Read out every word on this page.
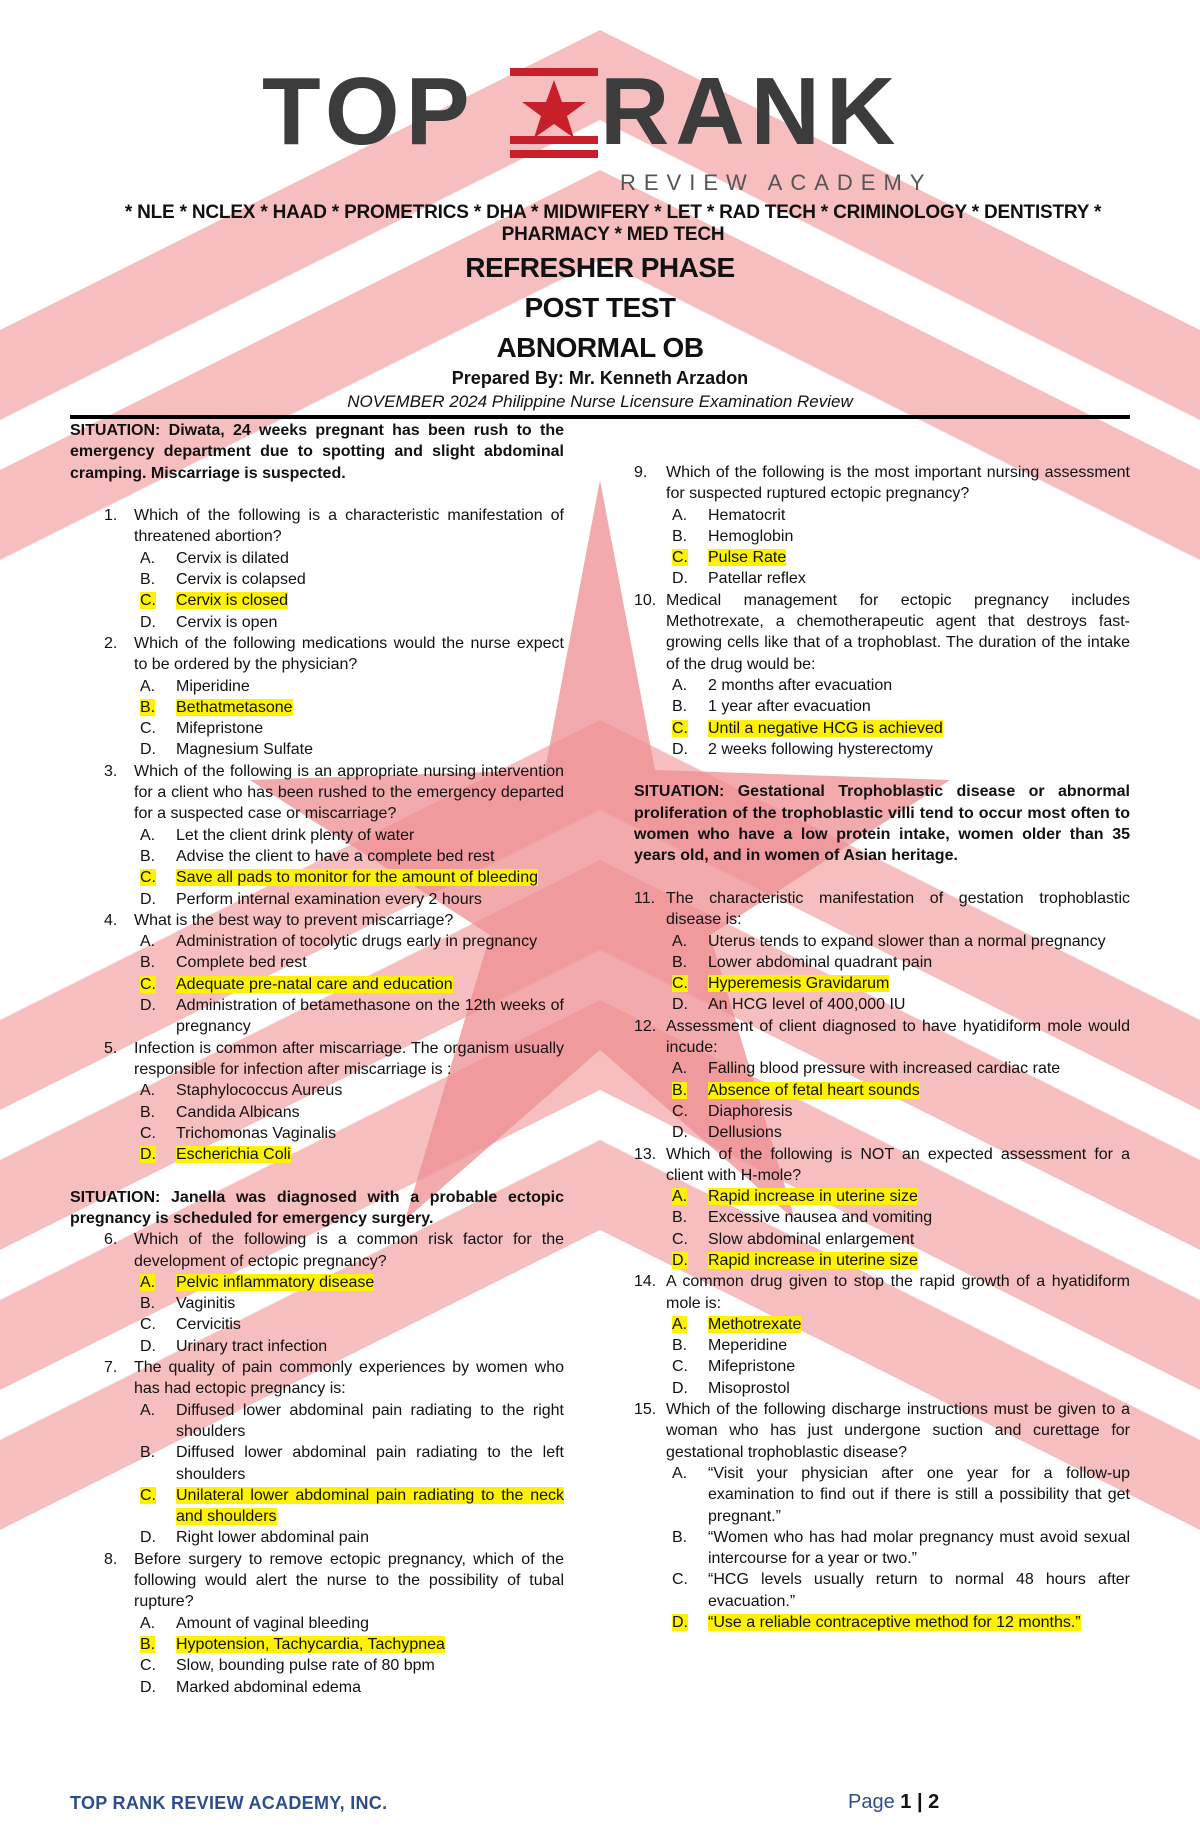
TOP RANK
REVIEW ACADEMY
* NLE * NCLEX * HAAD * PROMETRICS * DHA * MIDWIFERY * LET * RAD TECH * CRIMINOLOGY * DENTISTRY * PHARMACY * MED TECH
REFRESHER PHASE
POST TEST
ABNORMAL OB
Prepared By: Mr. Kenneth Arzadon
NOVEMBER 2024 Philippine Nurse Licensure Examination Review
SITUATION: Diwata, 24 weeks pregnant has been rush to the emergency department due to spotting and slight abdominal cramping. Miscarriage is suspected.
1.	Which of the following is a characteristic manifestation of threatened abortion?
A.	Cervix is dilated
B.	Cervix is colapsed
C.	Cervix is closed
D.	Cervix is open
2.	Which of the following medications would the nurse expect to be ordered by the physician?
A.	Miperidine
B.	Bethatmetasone
C.	Mifepristone
D.	Magnesium Sulfate
3.	Which of the following is an appropriate nursing intervention for a client who has been rushed to the emergency departed for a suspected case or miscarriage?
A.	Let the client drink plenty of water
B.	Advise the client to have a complete bed rest
C.	Save all pads to monitor for the amount of bleeding
D.	Perform internal examination every 2 hours
4.	What is the best way to prevent miscarriage?
A.	Administration of tocolytic drugs early in pregnancy
B.	Complete bed rest
C.	Adequate pre-natal care and education
D.	Administration of betamethasone on the 12th weeks of pregnancy
5.	Infection is common after miscarriage. The organism usually responsible for infection after miscarriage is :
A.	Staphylococcus Aureus
B.	Candida Albicans
C.	Trichomonas Vaginalis
D.	Escherichia Coli
SITUATION: Janella was diagnosed with a probable ectopic pregnancy is scheduled for emergency surgery.
6.	Which of the following is a common risk factor for the development of ectopic pregnancy?
A.	Pelvic inflammatory disease
B.	Vaginitis
C.	Cervicitis
D.	Urinary tract infection
7.	The quality of pain commonly experiences by women who has had ectopic pregnancy is:
A.	Diffused lower abdominal pain radiating to the right shoulders
B.	Diffused lower abdominal pain radiating to the left shoulders
C.	Unilateral lower abdominal pain radiating to the neck and shoulders
D.	Right lower abdominal pain
8.	Before surgery to remove ectopic pregnancy, which of the following would alert the nurse to the possibility of tubal rupture?
A.	Amount of vaginal bleeding
B.	Hypotension, Tachycardia, Tachypnea
C.	Slow, bounding pulse rate of 80 bpm
D.	Marked abdominal edema
9.	Which of the following is the most important nursing assessment for suspected ruptured ectopic pregnancy?
A.	Hematocrit
B.	Hemoglobin
C.	Pulse Rate
D.	Patellar reflex
10. Medical management for ectopic pregnancy includes Methotrexate, a chemotherapeutic agent that destroys fast-growing cells like that of a trophoblast. The duration of the intake of the drug would be:
A.	2 months after evacuation
B.	1 year after evacuation
C.	Until a negative HCG is achieved
D.	2 weeks following hysterectomy
SITUATION: Gestational Trophoblastic disease or abnormal proliferation of the trophoblastic villi tend to occur most often to women who have a low protein intake, women older than 35 years old, and in women of Asian heritage.
11. The characteristic manifestation of gestation trophoblastic disease is:
A.	Uterus tends to expand slower than a normal pregnancy
B.	Lower abdominal quadrant pain
C.	Hyperemesis Gravidarum
D.	An HCG level of 400,000 IU
12. Assessment of client diagnosed to have hyatidiform mole would incude:
A.	Falling blood pressure with increased cardiac rate
B.	Absence of fetal heart sounds
C.	Diaphoresis
D.	Dellusions
13. Which of the following is NOT an expected assessment for a client with H-mole?
A.	Rapid increase in uterine size
B.	Excessive nausea and vomiting
C.	Slow abdominal enlargement
D.	Rapid increase in uterine size
14. A common drug given to stop the rapid growth of a hyatidiform mole is:
A.	Methotrexate
B.	Meperidine
C.	Mifepristone
D.	Misoprostol
15. Which of the following discharge instructions must be given to a woman who has just undergone suction and curettage for gestational trophoblastic disease?
A.	“Visit your physician after one year for a follow-up examination to find out if there is still a possibility that get pregnant.”
B.	“Women who has had molar pregnancy must avoid sexual intercourse for a year or two.”
C.	“HCG levels usually return to normal 48 hours after evacuation.”
D.	“Use a reliable contraceptive method for 12 months.”
TOP RANK REVIEW ACADEMY, INC.	Page 1 | 2
